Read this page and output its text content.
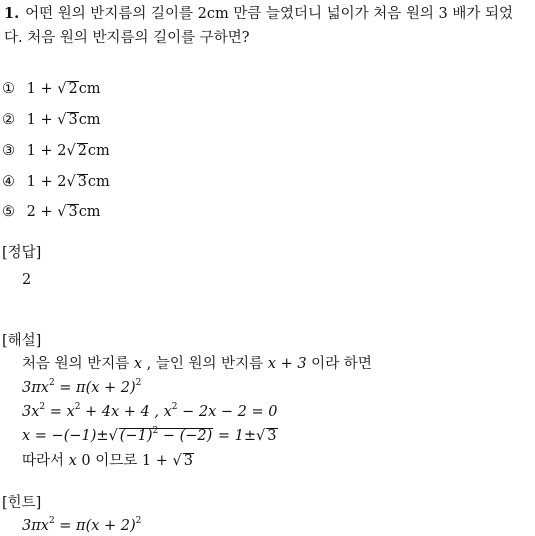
1. 어떤 원의 반지름의 길이를 2cm 만큼 늘였더니 넓이가 처음 원의 3 배가 되었다. 처음 원의 반지름의 길이를 구하면?
① 1 + √ 2cm
② 1 + √ 3cm
③ 1 + 2√ 2cm
④ 1 + 2√ 3cm
⑤ 2 + √ 3cm
[정답]
2
[해설]
처음 원의 반지름 x , 늘인 원의 반지름 x + 3 이라 하면
$3\pi x^2 = \pi(x + 2)^2$
$3x^2 = x^2 + 4x + 4$ , $x^2 - 2x - 2 = 0$
x = −(−1)±√ $(-1)^2 - (-2) = 1\pm√$ 3
따라서 x 0 이므로 1 + √ 3
[힌트]
$3\pi x^2 = \pi(x + 2)^2$
